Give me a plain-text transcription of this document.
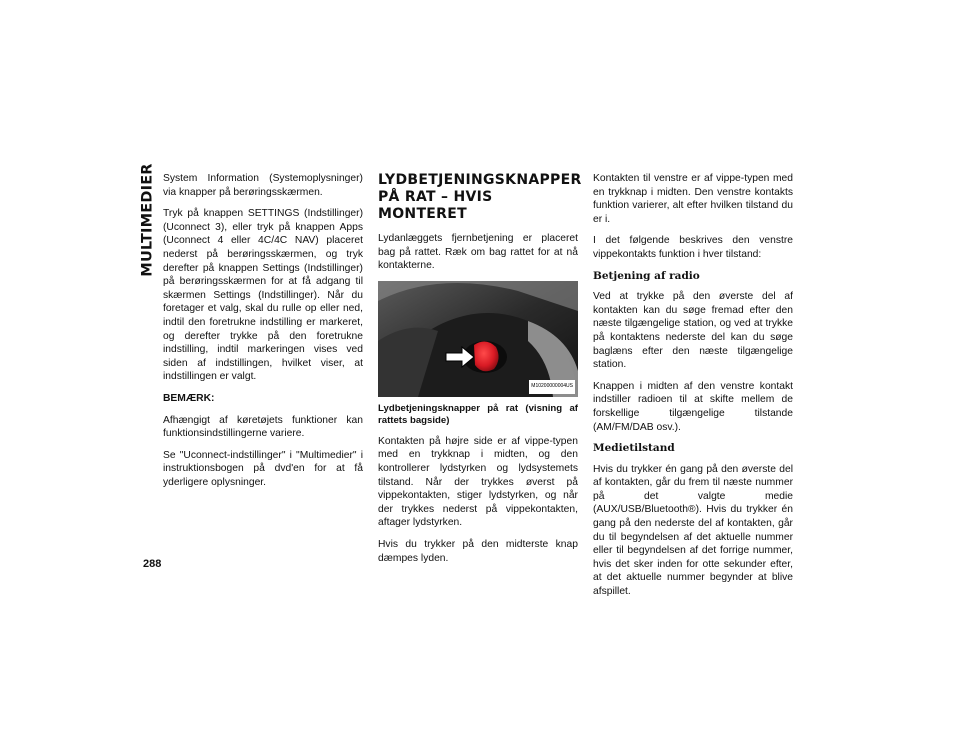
MULTIMEDIER System Information (Systemoplysninger) via knapper på berøringsskærmen.

Tryk på knappen SETTINGS (Indstillinger) (Uconnect 3), eller tryk på knappen Apps (Uconnect 4 eller 4C/4C NAV) placeret nederst på berøringsskærmen, og tryk derefter på knappen Settings (Indstillinger) på berøringsskærmen for at få adgang til skærmen Settings (Indstillinger). Når du foretager et valg, skal du rulle op eller ned, indtil den foretrukne indstilling er markeret, og derefter trykke på den foretrukne indstilling, indtil markeringen vises ved siden af indstillingen, hvilket viser, at indstillingen er valgt.

BEMÆRK:

Afhængigt af køretøjets funktioner kan funktionsindstillingerne variere.

Se "Uconnect-indstillinger" i "Multimedier" i instruktionsbogen på dvd'en for at få yderligere oplysninger.

LYDBETJENINGSKNAPPER
PÅ RAT – HVIS MONTERET

Lydanlæggets fjernbetjening er placeret bag på rattet. Ræk om bag rattet for at nå kontakterne.

M10200000004US

Lydbetjeningsknapper på rat (visning af rattets bagside)

Kontakten på højre side er af vippe-typen med en trykknap i midten, og den kontrollerer lydstyrken og lydsystemets tilstand. Når der trykkes øverst på vippekontakten, stiger lydstyrken, og når der trykkes nederst på vippekontakten, aftager lydstyrken.

Hvis du trykker på den midterste knap dæmpes lyden.

Kontakten til venstre er af vippe-typen med en trykknap i midten. Den venstre kontakts funktion varierer, alt efter hvilken tilstand du er i.

I det følgende beskrives den venstre vippekontakts funktion i hver tilstand:

Betjening af radio

Ved at trykke på den øverste del af kontakten kan du søge fremad efter den næste tilgængelige station, og ved at trykke på kontaktens nederste del kan du søge baglæns efter den næste tilgængelige station.

Knappen i midten af den venstre kontakt indstiller radioen til at skifte mellem de forskellige tilgængelige tilstande (AM/FM/DAB osv.).

Medietilstand

Hvis du trykker én gang på den øverste del af kontakten, går du frem til næste nummer på det valgte medie (AUX/USB/Bluetooth®). Hvis du trykker én gang på den nederste del af kontakten, går du til begyndelsen af det aktuelle nummer eller til begyndelsen af det forrige nummer, hvis det sker inden for otte sekunder efter, at det aktuelle nummer begynder at blive afspillet.

288
